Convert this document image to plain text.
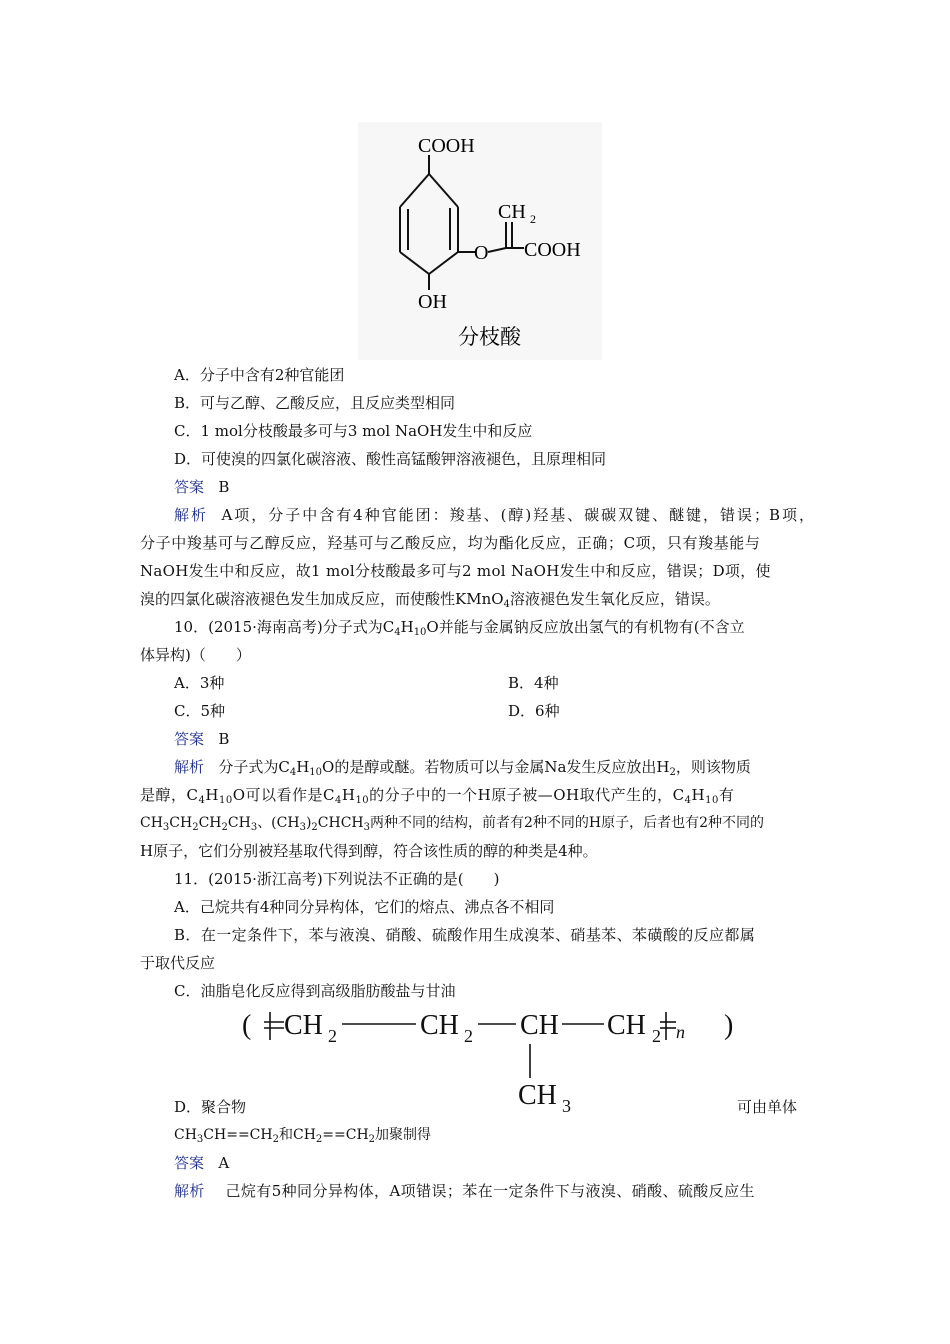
COOH
CH 2
O COOH
OH
分枝酸
A．分子中含有2种官能团
B．可与乙醇、乙酸反应，且反应类型相同
C．1 mol分枝酸最多可与3 mol NaOH发生中和反应
D．可使溴的四氯化碳溶液、酸性高锰酸钾溶液褪色，且原理相同
答案 B
解析 A项，分子中含有4种官能团：羧基、(醇)羟基、碳碳双键、醚键，错误；B项，
分子中羧基可与乙醇反应，羟基可与乙酸反应，均为酯化反应，正确；C项，只有羧基能与
NaOH发生中和反应，故1 mol分枝酸最多可与2 mol NaOH发生中和反应，错误；D项，使
溴的四氯化碳溶液褪色发生加成反应，而使酸性KMnO$_4$溶液褪色发生氧化反应，错误。
10．(2015·海南高考)分子式为$C_4H_{10}O$并能与金属钠反应放出氢气的有机物有(不含立
体异构)（　　）
A．3种	B．4种
C．5种	D．6种
答案 B
解析 分子式为$C_4H_{10}O$的是醇或醚。若物质可以与金属Na发生反应放出$H_2$，则该物质
是醇，$C_4H_{10}O$可以看作是$C_4H_{10}$的分子中的一个H原子被—OH取代产生的，$C_4H_{10}$有
$CH_3CH_2CH_2CH_3$、$(CH_3)_2CHCH_3$两种不同的结构，前者有2种不同的H原子，后者也有2种不同的
H原子，它们分别被羟基取代得到醇，符合该性质的醇的种类是4种。
11．(2015·浙江高考)下列说法不正确的是(　　)
A．己烷共有4种同分异构体，它们的熔点、沸点各不相同
B．在一定条件下，苯与液溴、硝酸、硫酸作用生成溴苯、硝基苯、苯磺酸的反应都属
于取代反应
C．油脂皂化反应得到高级脂肪酸盐与甘油
( CH 2	CH 2 CH CH 2 n )
CH 3
D．聚合物	可由单体
$CH_3CH==CH_2$和$CH_2==CH_2$加聚制得
答案 A
解析 己烷有5种同分异构体，A项错误；苯在一定条件下与液溴、硝酸、硫酸反应生
